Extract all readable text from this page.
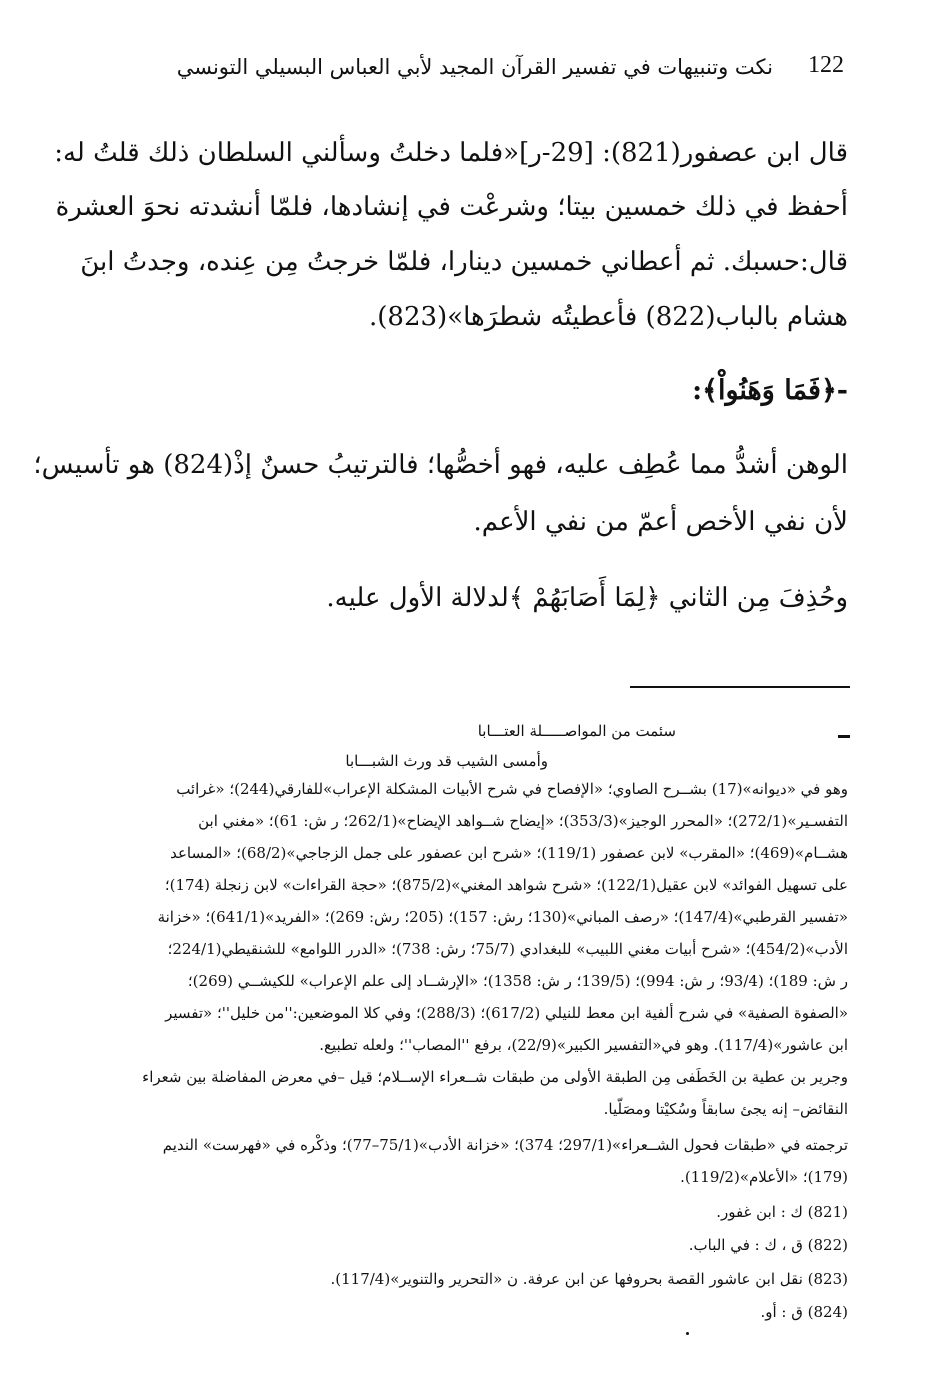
122
نكت وتنبيهات في تفسير القرآن المجيد لأبي العباس البسيلي التونسي
قال ابن عصفور(821): [29-ر]«فلما دخلتُ وسألني السلطان ذلك قلتُ له:
أحفظ في ذلك خمسين بيتا؛ وشرعْت في إنشادها، فلمّا أنشدته نحوَ العشرة
قال:حسبك. ثم أعطاني خمسين دينارا، فلمّا خرجتُ مِن عِنده، وجدتُ ابنَ
هشام بالباب(822) فأعطيتُه شطرَها»(823).
-﴿فَمَا وَهَنُواْ﴾:
الوهن أشدُّ مما عُطِف عليه، فهو أخصُّها؛ فالترتيبُ حسنٌ إذْ(824) هو تأسيس؛
لأن نفي الأخص أعمّ من نفي الأعم.
وحُذِفَ مِن الثاني ﴿لِمَا أَصَابَهُمْ ﴾لدلالة الأول عليه.
سئمت من المواصـــــلة العتـــابا
وأمسى الشيب قد ورث الشبـــابا
وهو في «ديوانه»(17) بشــرح الصاوي؛ «الإفصاح في شرح الأبيات المشكلة الإعراب»للفارقي(244)؛ «غرائب
التفسـير»(272/1)؛ «المحرر الوجيز»(353/3)؛ «إيضاح شــواهد الإيضاح»(262/1؛ ر ش: 61)؛ «مغني ابن
هشــام»(469)؛ «المقرب» لابن عصفور (119/1)؛ «شرح ابن عصفور على جمل الزجاجي»(68/2)؛ «المساعد
على تسهيل الفوائد» لابن عقيل(122/1)؛ «شرح شواهد المغني»(875/2)؛ «حجة القراءات» لابن زنجلة (174)؛
«تفسير القرطبي»(147/4)؛ «رصف المباني»(130؛ رش: 157)؛ (205؛ رش: 269)؛ «الفريد»(641/1)؛ «خزانة
الأدب»(454/2)؛ «شرح أبيات مغني اللبيب» للبغدادي (75/7؛ رش: 738)؛ «الدرر اللوامع» للشنقيطي(224/1؛
ر ش: 189)؛ (93/4؛ ر ش: 994)؛ (139/5؛ ر ش: 1358)؛ «الإرشــاد إلى علم الإعراب» للكيشــي (269)؛
«الصفوة الصفية» في شرح ألفية ابن معط للنيلي (617/2)؛ (288/3)؛ وفي كلا الموضعين:''من خليل''؛ «تفسير
ابن عاشور»(117/4). وهو في«التفسير الكبير»(22/9)، برفع ''المصاب''؛ ولعله تطبيع.
وجرير بن عطية بن الخَطَفى مِن الطبقة الأولى من طبقات شــعراء الإســلام؛ قيل –في معرض المفاضلة بين شعراء
النقائض– إنه يجئ سابقاً وسُكيْتا ومصَلّيا.
ترجمته في «طبقات فحول الشــعراء»(297/1؛ 374)؛ «خزانة الأدب»(75/1–77)؛ وذكْره في «فهرست» النديم
(179)؛ «الأعلام»(119/2).
(821) ك : ابن غفور.
(822) ق ، ك : في الباب.
(823) نقل ابن عاشور القصة بحروفها عن ابن عرفة. ن «التحرير والتنوير»(117/4).
(824) ق : أو.
